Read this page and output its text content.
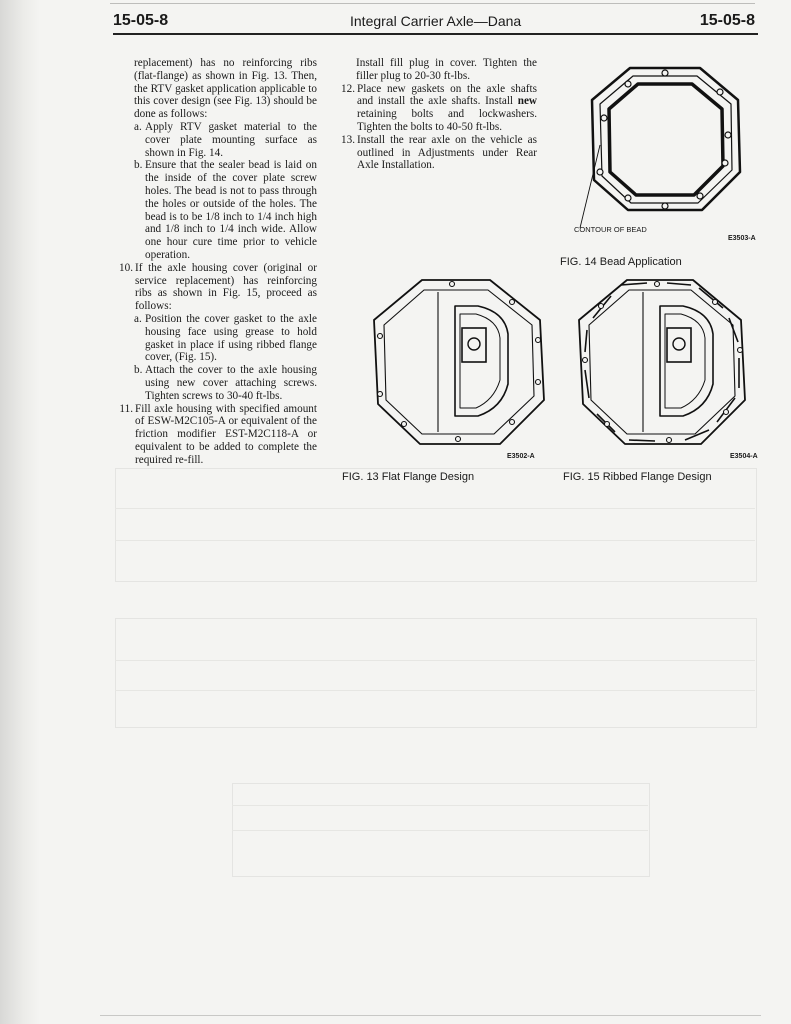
15-05-8	Integral Carrier Axle—Dana	15-05-8
replacement) has no reinforcing ribs (flat-flange) as shown in Fig. 13. Then, the RTV gasket application applicable to this cover design (see Fig. 13) should be done as follows:
a. Apply RTV gasket material to the cover plate mounting surface as shown in Fig. 14.
b. Ensure that the sealer bead is laid on the inside of the cover plate screw holes. The bead is not to pass through the holes or outside of the holes. The bead is to be 1/8 inch to 1/4 inch high and 1/8 inch to 1/4 inch wide. Allow one hour cure time prior to vehicle operation.
10. If the axle housing cover (original or service replacement) has reinforcing ribs as shown in Fig. 15, proceed as follows:
a. Position the cover gasket to the axle housing face using grease to hold gasket in place if using ribbed flange cover, (Fig. 15).
b. Attach the cover to the axle housing using new cover attaching screws. Tighten screws to 30-40 ft-lbs.
11. Fill axle housing with specified amount of ESW-M2C105-A or equivalent of the friction modifier EST-M2C118-A or equivalent to be added to complete the required re-fill.
Install fill plug in cover. Tighten the filler plug to 20-30 ft-lbs.
12. Place new gaskets on the axle shafts and install the axle shafts. Install new retaining bolts and lockwashers. Tighten the bolts to 40-50 ft-lbs.
13. Install the rear axle on the vehicle as outlined in Adjustments under Rear Axle Installation.
CONTOUR OF BEAD
E3503-A
FIG. 14 Bead Application
E3502-A
FIG. 13 Flat Flange Design
E3504-A
FIG. 15 Ribbed Flange Design
